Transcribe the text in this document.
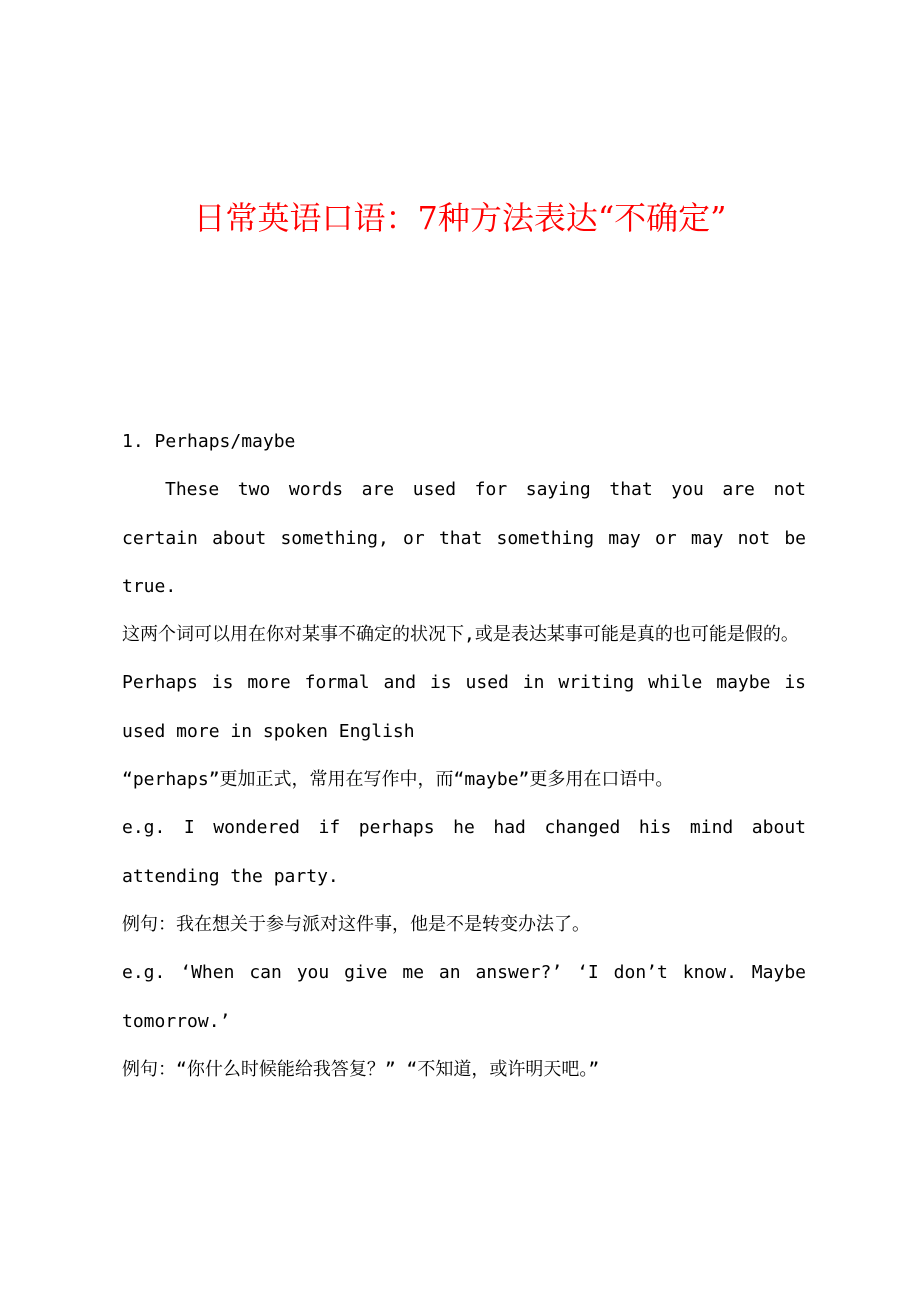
日常英语口语：7种方法表达“不确定”

1. Perhaps/maybe

These two words are used for saying that you are not certain about something, or that something may or may not be true.

这两个词可以用在你对某事不确定的状况下,或是表达某事可能是真的也可能是假的。

Perhaps is more formal and is used in writing while maybe is used more in spoken English

“perhaps”更加正式，常用在写作中，而“maybe”更多用在口语中。

e.g. I wondered if perhaps he had changed his mind about attending the party.

例句：我在想关于参与派对这件事，他是不是转变办法了。

e.g. ‘When can you give me an answer?’ ‘I don’t know. Maybe tomorrow.’

例句：“你什么时候能给我答复？” “不知道，或许明天吧。”
